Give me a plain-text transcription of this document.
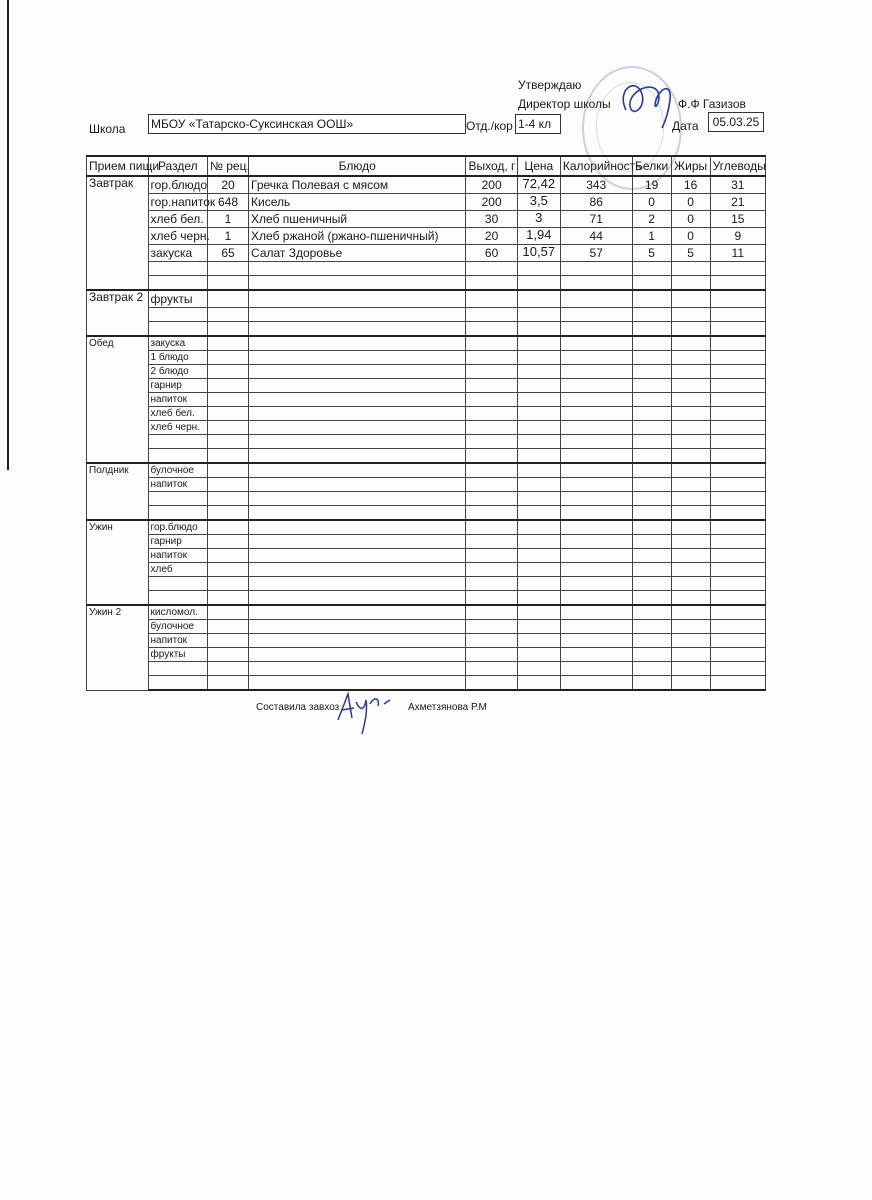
Утверждаю
Директор школы	Ф.Ф Газизов
Школа МБОУ «Татарско-Суксинская ООШ»	Отд./кор 1-4 кл	Дата	05.03.25
Прием пищи	Раздел	№ рец.	Блюдо	Выход, г	Цена	Калорийность	Белки	Жиры	Углеводы
Завтрак	гор.блюдо	20	Гречка Полевая с мясом	200	72,42	343	19	16	31
	гор.напиток	648	Кисель	200	3,5	86	0	0	21
	хлеб бел.	1	Хлеб пшеничный	30	3	71	2	0	15
	хлеб черн.	1	Хлеб ржаной (ржано-пшеничный)	20	1,94	44	1	0	9
	закуска	65	Салат Здоровье	60	10,57	57	5	5	11

Завтрак 2	фрукты								

Обед	закуска								
	1 блюдо								
	2 блюдо								
	гарнир								
	напиток								
	хлеб бел.								
	хлеб черн.								

Полдник	булочное								
	напиток								

Ужин	гор.блюдо								
	гарнир								
	напиток								
	хлеб								

Ужин 2	кисломол.								
	булочное								
	напиток								
	фрукты								

Составила завхоз	Ахметзянова Р.М
